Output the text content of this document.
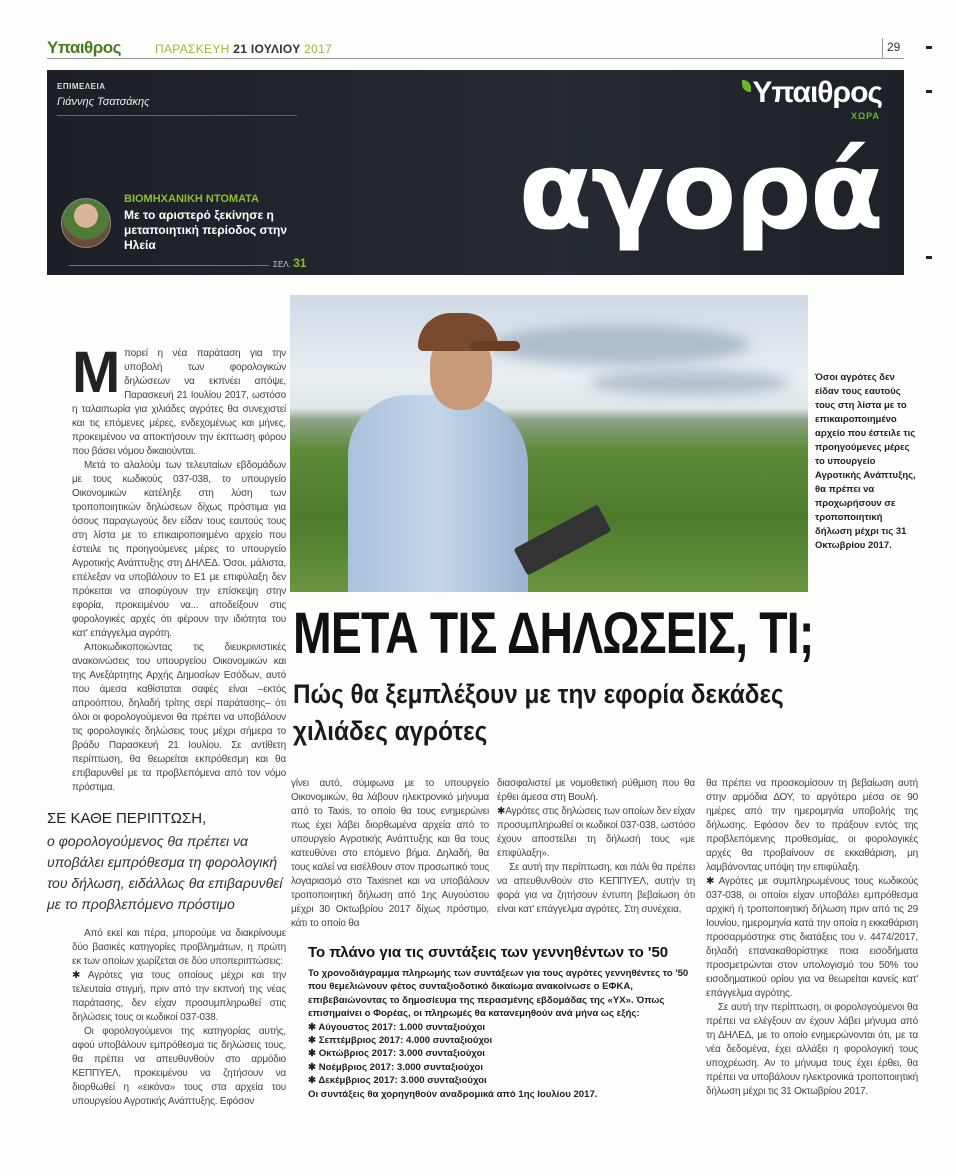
Υπαιθρος	ΠΑΡΑΣΚΕΥΗ 21 ΙΟΥΛΙΟΥ 2017	29
ΕΠΙΜΕΛΕΙΑ
Γιάννης Τσατσάκης
ΒΙΟΜΗΧΑΝΙΚΗ ΝΤΟΜΑΤΑ
Με το αριστερό ξεκίνησε η μεταποιητική περίοδος στην Ηλεία
ΣΕΛ. 31
Υπαιθρος
ΧΩΡΑ
αγορά
Όσοι αγρότες δεν είδαν τους εαυτούς τους στη λίστα με το επικαιροποιημένο αρχείο που έστειλε τις προηγούμενες μέρες το υπουργείο Αγροτικής Ανάπτυξης, θα πρέπει να προχωρήσουν σε τροποποιητική δήλωση μέχρι τις 31 Οκτωβρίου 2017.
ΜΕΤΑ ΤΙΣ ΔΗΛΩΣΕΙΣ, ΤΙ;
Πώς θα ξεμπλέξουν με την εφορία δεκάδες χιλιάδες αγρότες
Μ πορεί η νέα παράταση για την υποβολή των φορολογικών δηλώσεων να εκπνέει απόψε, Παρασκευή 21 Ιουλίου 2017, ωστόσο η ταλαιπωρία για χιλιάδες αγρότες θα συνεχιστεί και τις επόμενες μέρες, ενδεχομένως και μήνες, προκειμένου να αποκτήσουν την έκπτωση φόρου που βάσει νόμου δικαιούνται.

Μετά το αλαλούμ των τελευταίων εβδομάδων με τους κωδικούς 037-038, το υπουργείο Οικονομικών κατέληξε στη λύση των τροποποιητικών δηλώσεων δίχως πρόστιμα για όσους παραγωγούς δεν είδαν τους εαυτούς τους στη λίστα με το επικαιροποιημένο αρχείο που έστειλε τις προηγούμενες μέρες το υπουργείο Αγροτικής Ανάπτυξης στη ΔΗΛΕΔ. Όσοι, μάλιστα, επέλεξαν να υποβάλουν το Ε1 με επιφύλαξη δεν πρόκειται να αποφύγουν την επίσκεψη στην εφορία, προκειμένου να... αποδείξουν στις φορολογικές αρχές ότι φέρουν την ιδιότητα του κατ' επάγγελμα αγρότη.

Αποκωδικοποιώντας τις διευκρινιστικές ανακοινώσεις του υπουργείου Οικονομικών και της Ανεξάρτητης Αρχής Δημοσίων Εσόδων, αυτό που άμεσα καθίσταται σαφές είναι –εκτός απροόπτου, δηλαδή τρίτης σερί παράτασης– ότι όλοι οι φορολογούμενοι θα πρέπει να υποβάλουν τις φορολογικές δηλώσεις τους μέχρι σήμερα το βράδυ Παρασκευή 21 Ιουλίου. Σε αντίθετη περίπτωση, θα θεωρείται εκπρόθεσμη και θα επιβαρυνθεί με τα προβλεπόμενα από τον νόμο πρόστιμα.

ΣΕ ΚΑΘΕ ΠΕΡΙΠΤΩΣΗ,
ο φορολογούμενος θα πρέπει να υποβάλει εμπρόθεσμα τη φορολογική του δήλωση, ειδάλλως θα επιβαρυνθεί με το προβλεπόμενο πρόστιμο

Από εκεί και πέρα, μπορούμε να διακρίνουμε δύο βασικές κατηγορίες προβλημάτων, η πρώτη εκ των οποίων χωρίζεται σε δύο υποπεριπτώσεις:

✱ Αγρότες για τους οποίους μέχρι και την τελευταία στιγμή, πριν από την εκπνοή της νέας παράτασης, δεν είχαν προσυμπληρωθεί στις δηλώσεις τους οι κωδικοί 037-038.

Οι φορολογούμενοι της κατηγορίας αυτής, αφού υποβάλουν εμπρόθεσμα τις δηλώσεις τους, θα πρέπει να απευθυνθούν στο αρμόδιο ΚΕΠΠΥΕΛ, προκειμένου να ζητήσουν να διορθωθεί η «εικόνα» τους στα αρχεία του υπουργείου Αγροτικής Ανάπτυξης. Εφόσον

γίνει αυτό, σύμφωνα με το υπουργείο Οικονομικών, θα λάβουν ηλεκτρονικό μήνυμα από το Taxis, το οποίο θα τους ενημερώνει πως έχει λάβει διορθωμένα αρχεία από το υπουργείο Αγροτικής Ανάπτυξης και θα τους κατευθύνει στο επόμενο βήμα. Δηλαδή, θα τους καλεί να εισέλθουν στον προσωπικό τους λογαριασμό στο Taxisnet και να υποβάλουν τροποποιητική δήλωση από 1ης Αυγούστου μέχρι 30 Οκτωβρίου 2017 δίχως πρόστιμο, κάτι το οποίο θα

διασφαλιστεί με νομοθετική ρύθμιση που θα έρθει άμεσα στη Βουλή.

✱Αγρότες στις δηλώσεις των οποίων δεν είχαν προσυμπληρωθεί οι κωδικοί 037-038, ωστόσο έχουν αποστείλει τη δήλωσή τους «με επιφύλαξη».

Σε αυτή την περίπτωση, και πάλι θα πρέπει να απευθυνθούν στο ΚΕΠΠΥΕΛ, αυτήν τη φορά για να ζητήσουν έντυπη βεβαίωση ότι είναι κατ' επάγγελμα αγρότες. Στη συνέχεια,

Το πλάνο για τις συντάξεις των γεννηθέντων το '50
Το χρονοδιάγραμμα πληρωμής των συντάξεων για τους αγρότες γεννηθέντες το '50 που θεμελιώνουν φέτος συνταξιοδοτικό δικαίωμα ανακοίνωσε ο ΕΦΚΑ, επιβεβαιώνοντας το δημοσίευμα της περασμένης εβδομάδας της «ΥΧ». Όπως επισημαίνει ο Φορέας, οι πληρωμές θα κατανεμηθούν ανά μήνα ως εξής:
✱ Αύγουστος 2017: 1.000 συνταξιούχοι
✱ Σεπτέμβριος 2017: 4.000 συνταξιούχοι
✱ Οκτώβριος 2017: 3.000 συνταξιούχοι
✱ Νοέμβριος 2017: 3.000 συνταξιούχοι
✱ Δεκέμβριος 2017: 3.000 συνταξιούχοι
Οι συντάξεις θα χορηγηθούν αναδρομικά από 1ης Ιουλίου 2017.

θα πρέπει να προσκομίσουν τη βεβαίωση αυτή στην αρμόδια ΔΟΥ, το αργότερο μέσα σε 90 ημέρες από την ημερομηνία υποβολής της δήλωσης. Εφόσον δεν το πράξουν εντός της προβλεπόμενης προθεσμίας, οι φορολογικές αρχές θα προβαίνουν σε εκκαθάριση, μη λαμβάνοντας υπόψη την επιφύλαξη.

✱ Αγρότες με συμπληρωμένους τους κωδικούς 037-038, οι οποίοι είχαν υποβάλει εμπρόθεσμα αρχική ή τροποποιητική δήλωση πριν από τις 29 Ιουνίου, ημερομηνία κατά την οποία η εκκαθάριση προσαρμόστηκε στις διατάξεις του ν. 4474/2017, δηλαδή επανακαθορίστηκε ποια εισοδήματα προσμετρώνται στον υπολογισμό του 50% του εισοδηματικού ορίου για να θεωρείται κανείς κατ' επάγγελμα αγρότης.

Σε αυτή την περίπτωση, οι φορολογούμενοι θα πρέπει να ελέγξουν αν έχουν λάβει μήνυμα από τη ΔΗΛΕΔ, με το οποίο ενημερώνονται ότι, με τα νέα δεδομένα, έχει αλλάξει η φορολογική τους υποχρέωση. Αν το μήνυμα τους έχει έρθει, θα πρέπει να υποβάλουν ηλεκτρονικά τροποποιητική δήλωση μέχρι τις 31 Οκτωβρίου 2017.
